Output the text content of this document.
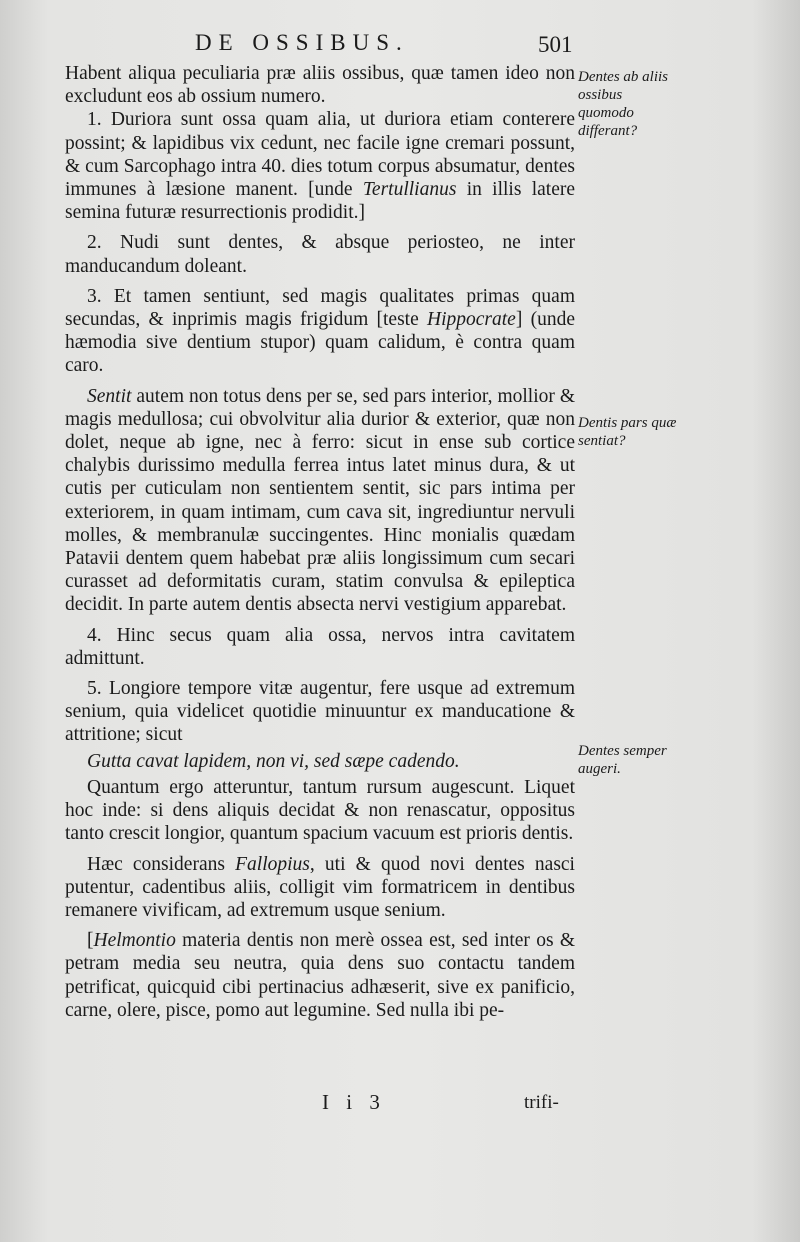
DE OSSIBUS.	501

Habent aliqua peculiaria præ aliis ossibus, quæ tamen ideo non excludunt eos ab ossium numero.

1. Duriora sunt ossa quam alia, ut duriora etiam conterere possint; & lapidibus vix cedunt, nec facile igne cremari possunt, & cum Sarcophago intra 40. dies totum corpus absumatur, dentes immunes à læsione manent. [unde Tertullianus in illis latere semina futuræ resurrectionis prodidit.]

2. Nudi sunt dentes, & absque periosteo, ne inter manducandum doleant.

3. Et tamen sentiunt, sed magis qualitates primas quam secundas, & inprimis magis frigidum [teste Hippocrate] (unde hæmodia sive dentium stupor) quam calidum, è contra quam caro.

Sentit autem non totus dens per se, sed pars interior, mollior & magis medullosa; cui obvolvitur alia durior & exterior, quæ non dolet, neque ab igne, nec à ferro: sicut in ense sub cortice chalybis durissimo medulla ferrea intus latet minus dura, & ut cutis per cuticulam non sentientem sentit, sic pars intima per exteriorem, in quam intimam, cum cava sit, ingrediuntur nervuli molles, & membranulæ succingentes. Hinc monialis quædam Patavii dentem quem habebat præ aliis longissimum cum secari curasset ad deformitatis curam, statim convulsa & epileptica decidit. In parte autem dentis absecta nervi vestigium apparebat.

4. Hinc secus quam alia ossa, nervos intra cavitatem admittunt.

5. Longiore tempore vitæ augentur, fere usque ad extremum senium, quia videlicet quotidie minuuntur ex manducatione & attritione; sicut

Gutta cavat lapidem, non vi, sed sæpe cadendo.

Quantum ergo atteruntur, tantum rursum augescunt. Liquet hoc inde: si dens aliquis decidat & non renascatur, oppositus tanto crescit longior, quantum spacium vacuum est prioris dentis.

Hæc considerans Fallopius, uti & quod novi dentes nasci putentur, cadentibus aliis, colligit vim formatricem in dentibus remanere vivificam, ad extremum usque senium.

[Helmontio materia dentis non merè ossea est, sed inter os & petram media seu neutra, quia dens suo contactu tandem petrificat, quicquid cibi pertinacius adhæserit, sive ex panificio, carne, olere, pisce, pomo aut legumine. Sed nulla ibi pe-

Dentes ab aliis ossibus quomodo differant?
Dentis pars quæ sentiat?
Dentes semper augeri.
I i 3	trifi-
